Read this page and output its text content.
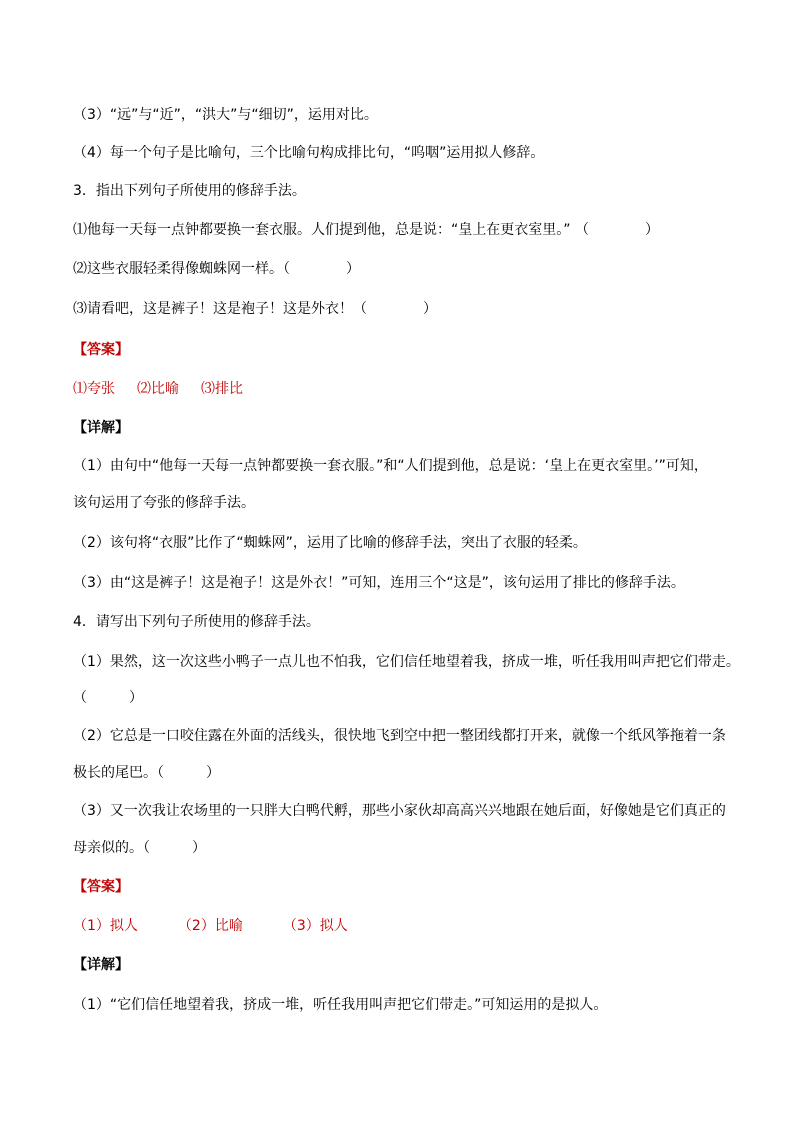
（3）“远”与“近”，“洪大”与“细切”，运用对比。
（4）每一个句子是比喻句，三个比喻句构成排比句，“呜咽”运用拟人修辞。
3．指出下列句子所使用的修辞手法。
⑴他每一天每一点钟都要换一套衣服。人们提到他，总是说：“皇上在更衣室里。” （　　　　）
⑵这些衣服轻柔得像蜘蛛网一样。（　　　　）
⑶请看吧，这是裤子！这是袍子！这是外衣！（　　　　）
【答案】
⑴夸张 ⑵比喻 ⑶排比
【详解】
（1）由句中“他每一天每一点钟都要换一套衣服。”和“人们提到他，总是说：‘皇上在更衣室里。’”可知，
该句运用了夸张的修辞手法。
（2）该句将“衣服”比作了“蜘蛛网”，运用了比喻的修辞手法，突出了衣服的轻柔。
（3）由“这是裤子！这是袍子！这是外衣！”可知，连用三个“这是”，该句运用了排比的修辞手法。
4．请写出下列句子所使用的修辞手法。
（1）果然，这一次这些小鸭子一点儿也不怕我，它们信任地望着我，挤成一堆，听任我用叫声把它们带走。
（　　　）
（2）它总是一口咬住露在外面的活线头，很快地飞到空中把一整团线都打开来，就像一个纸风筝拖着一条
极长的尾巴。（　　　）
（3）又一次我让农场里的一只胖大白鸭代孵，那些小家伙却高高兴兴地跟在她后面，好像她是它们真正的
母亲似的。（　　　）
【答案】
（1）拟人	（2）比喻	（3）拟人
【详解】
（1）“它们信任地望着我，挤成一堆，听任我用叫声把它们带走。”可知运用的是拟人。
